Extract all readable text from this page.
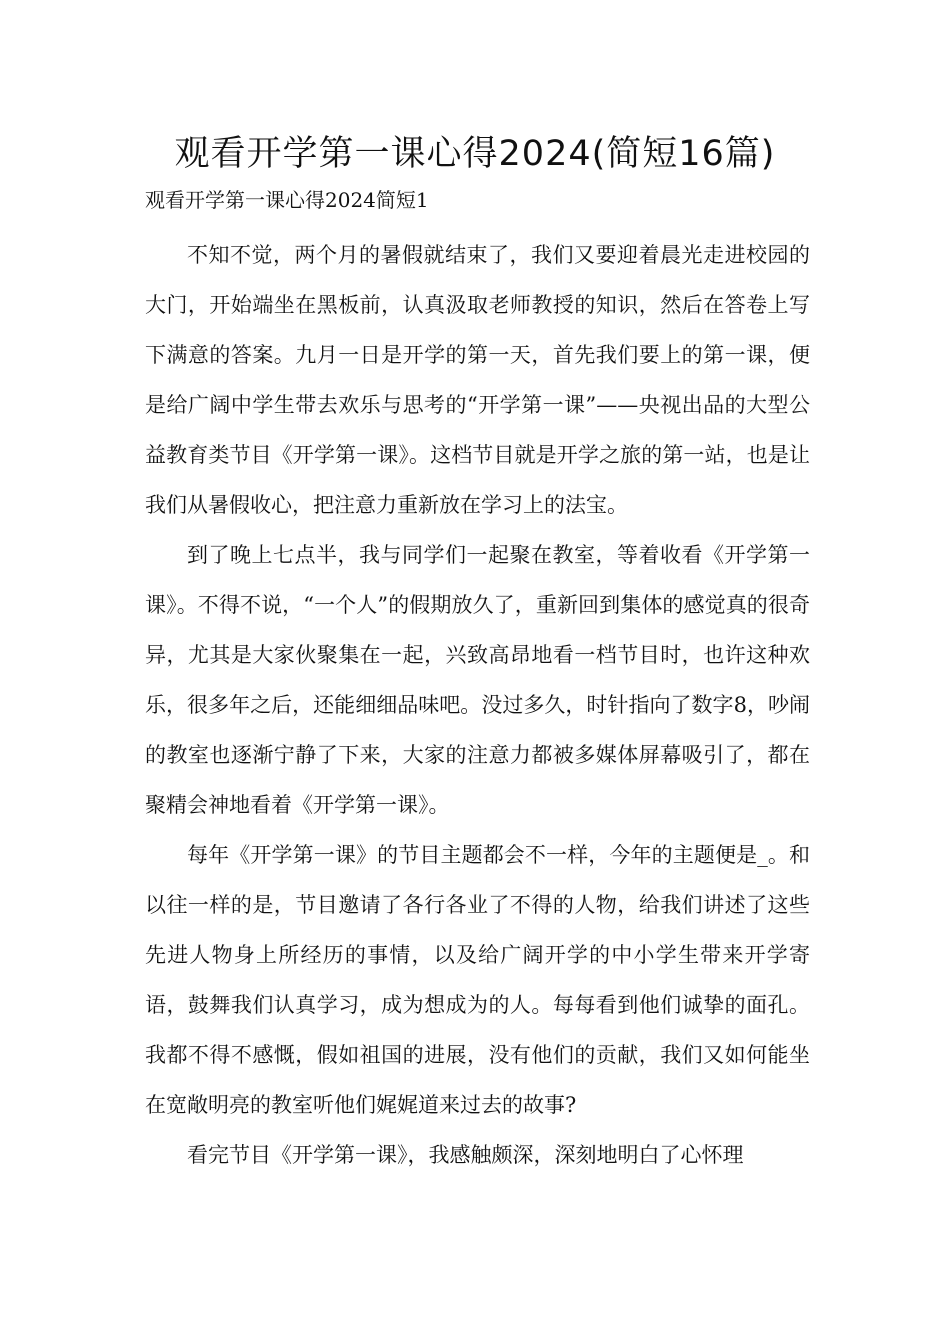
观看开学第一课心得2024(简短16篇)
观看开学第一课心得2024简短1

不知不觉，两个月的暑假就结束了，我们又要迎着晨光走进校园的大门，开始端坐在黑板前，认真汲取老师教授的知识，然后在答卷上写下满意的答案。九月一日是开学的第一天，首先我们要上的第一课，便是给广阔中学生带去欢乐与思考的“开学第一课”——央视出品的大型公益教育类节目《开学第一课》。这档节目就是开学之旅的第一站，也是让我们从暑假收心，把注意力重新放在学习上的法宝。

到了晚上七点半，我与同学们一起聚在教室，等着收看《开学第一课》。不得不说，“一个人”的假期放久了，重新回到集体的感觉真的很奇异，尤其是大家伙聚集在一起，兴致高昂地看一档节目时，也许这种欢乐，很多年之后，还能细细品味吧。没过多久，时针指向了数字8，吵闹的教室也逐渐宁静了下来，大家的注意力都被多媒体屏幕吸引了，都在聚精会神地看着《开学第一课》。

每年《开学第一课》的节目主题都会不一样，今年的主题便是_。和以往一样的是，节目邀请了各行各业了不得的人物，给我们讲述了这些先进人物身上所经历的事情，以及给广阔开学的中小学生带来开学寄语，鼓舞我们认真学习，成为想成为的人。每每看到他们诚挚的面孔。我都不得不感慨，假如祖国的进展，没有他们的贡献，我们又如何能坐在宽敞明亮的教室听他们娓娓道来过去的故事?

看完节目《开学第一课》，我感触颇深，深刻地明白了心怀理
